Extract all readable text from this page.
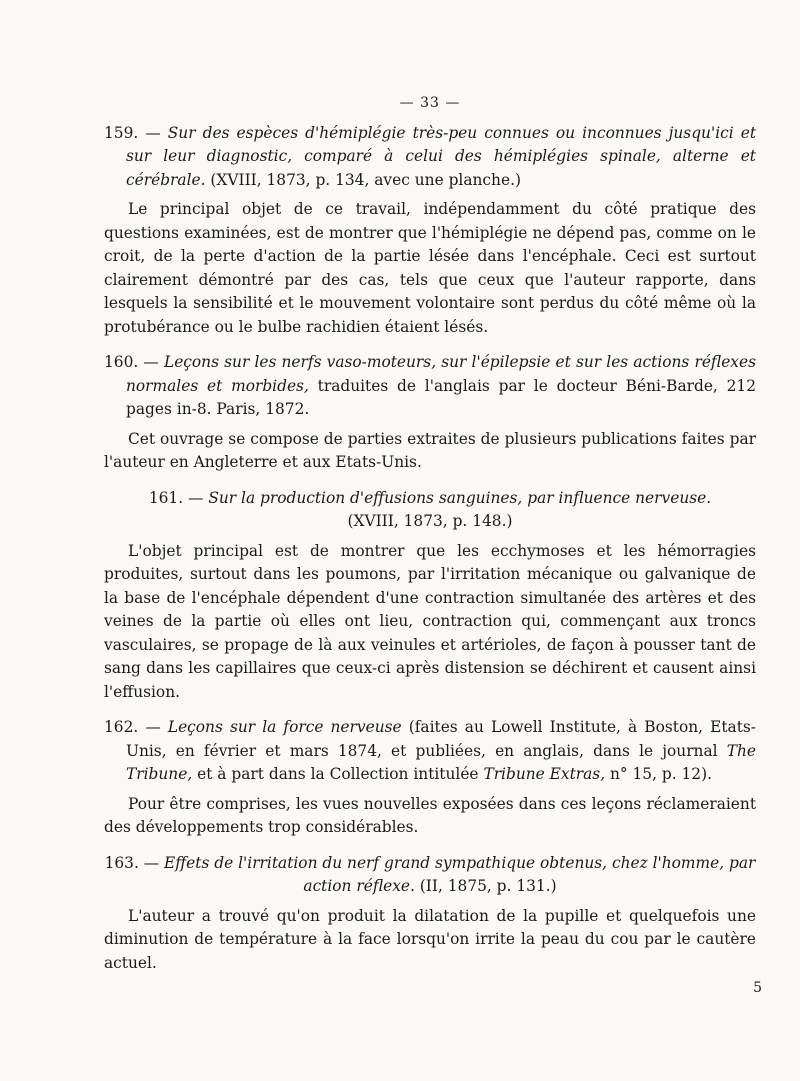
— 33 —
159. — Sur des espèces d'hémiplégie très-peu connues ou inconnues jusqu'ici et sur leur diagnostic, comparé à celui des hémiplégies spinale, alterne et cérébrale. (XVIII, 1873, p. 134, avec une planche.)

Le principal objet de ce travail, indépendamment du côté pratique des questions examinées, est de montrer que l'hémiplégie ne dépend pas, comme on le croit, de la perte d'action de la partie lésée dans l'encéphale. Ceci est surtout clairement démontré par des cas, tels que ceux que l'auteur rapporte, dans lesquels la sensibilité et le mouvement volontaire sont perdus du côté même où la protubérance ou le bulbe rachidien étaient lésés.

160. — Leçons sur les nerfs vaso-moteurs, sur l'épilepsie et sur les actions réflexes normales et morbides, traduites de l'anglais par le docteur Béni-Barde, 212 pages in-8. Paris, 1872.

Cet ouvrage se compose de parties extraites de plusieurs publications faites par l'auteur en Angleterre et aux Etats-Unis.

161. — Sur la production d'effusions sanguines, par influence nerveuse.
(XVIII, 1873, p. 148.)

L'objet principal est de montrer que les ecchymoses et les hémorragies produites, surtout dans les poumons, par l'irritation mécanique ou galvanique de la base de l'encéphale dépendent d'une contraction simultanée des artères et des veines de la partie où elles ont lieu, contraction qui, commençant aux troncs vasculaires, se propage de là aux veinules et artérioles, de façon à pousser tant de sang dans les capillaires que ceux-ci après distension se déchirent et causent ainsi l'effusion.

162. — Leçons sur la force nerveuse (faites au Lowell Institute, à Boston, Etats-Unis, en février et mars 1874, et publiées, en anglais, dans le journal The Tribune, et à part dans la Collection intitulée Tribune Extras, n° 15, p. 12).

Pour être comprises, les vues nouvelles exposées dans ces leçons réclameraient des développements trop considérables.

163. — Effets de l'irritation du nerf grand sympathique obtenus, chez l'homme, par action réflexe. (II, 1875, p. 131.)

L'auteur a trouvé qu'on produit la dilatation de la pupille et quelquefois une diminution de température à la face lorsqu'on irrite la peau du cou par le cautère actuel.

5
